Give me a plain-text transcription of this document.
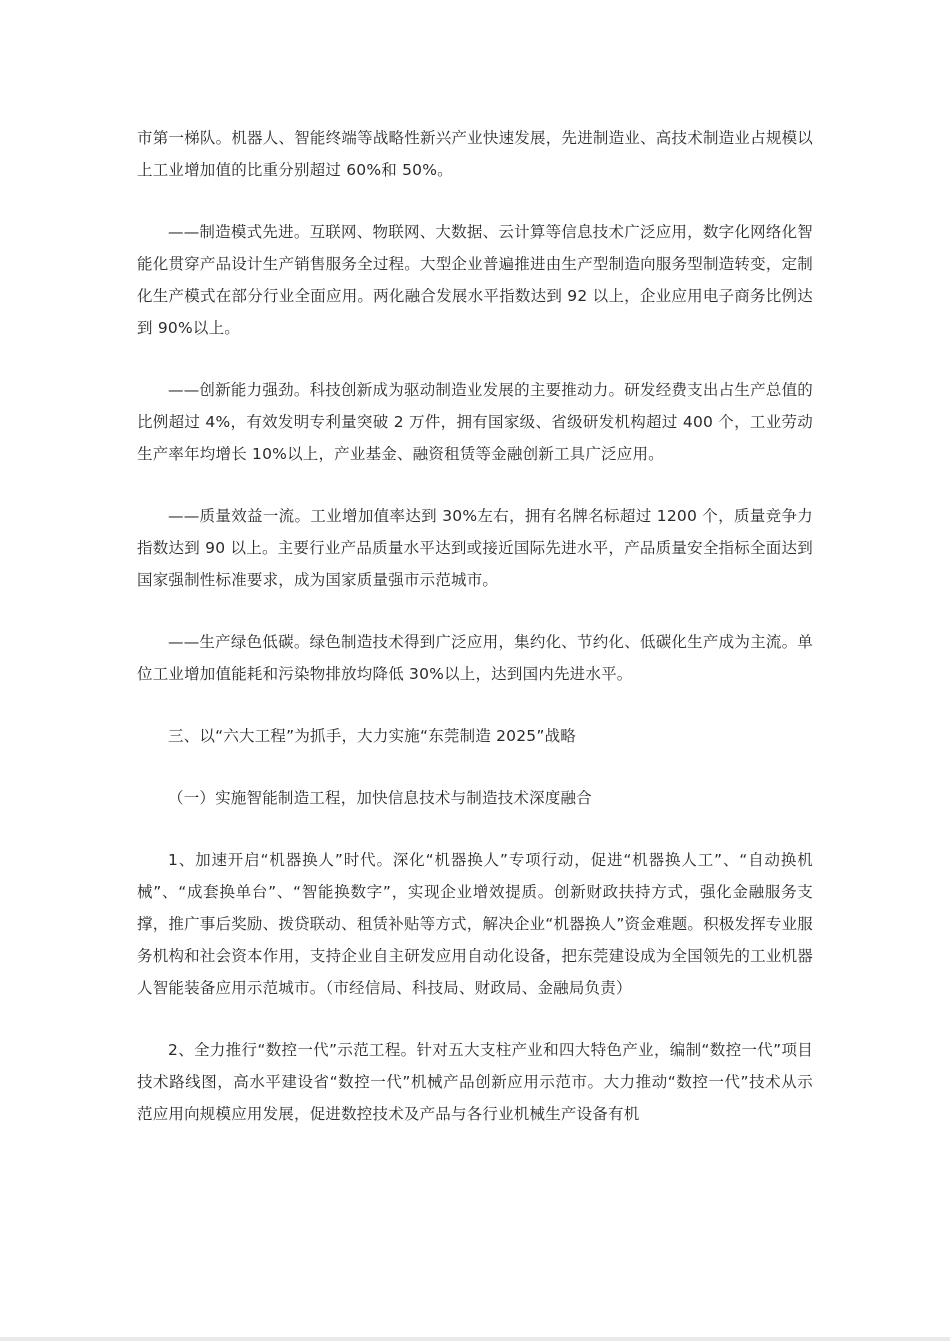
市第一梯队。机器人、智能终端等战略性新兴产业快速发展，先进制造业、高技术制造业占规模以上工业增加值的比重分别超过 60%和 50%。

——制造模式先进。互联网、物联网、大数据、云计算等信息技术广泛应用，数字化网络化智能化贯穿产品设计生产销售服务全过程。大型企业普遍推进由生产型制造向服务型制造转变，定制化生产模式在部分行业全面应用。两化融合发展水平指数达到 92 以上，企业应用电子商务比例达到 90%以上。

——创新能力强劲。科技创新成为驱动制造业发展的主要推动力。研发经费支出占生产总值的比例超过 4%，有效发明专利量突破 2 万件，拥有国家级、省级研发机构超过 400 个，工业劳动生产率年均增长 10%以上，产业基金、融资租赁等金融创新工具广泛应用。

——质量效益一流。工业增加值率达到 30%左右，拥有名牌名标超过 1200 个，质量竞争力指数达到 90 以上。主要行业产品质量水平达到或接近国际先进水平，产品质量安全指标全面达到国家强制性标准要求，成为国家质量强市示范城市。

——生产绿色低碳。绿色制造技术得到广泛应用，集约化、节约化、低碳化生产成为主流。单位工业增加值能耗和污染物排放均降低 30%以上，达到国内先进水平。

三、以“六大工程”为抓手，大力实施“东莞制造 2025”战略

（一）实施智能制造工程，加快信息技术与制造技术深度融合

1、加速开启“机器换人”时代。深化“机器换人”专项行动，促进“机器换人工”、“自动换机械”、“成套换单台”、“智能换数字”，实现企业增效提质。创新财政扶持方式，强化金融服务支撑，推广事后奖励、拨贷联动、租赁补贴等方式，解决企业“机器换人”资金难题。积极发挥专业服务机构和社会资本作用，支持企业自主研发应用自动化设备，把东莞建设成为全国领先的工业机器人智能装备应用示范城市。（市经信局、科技局、财政局、金融局负责）

2、全力推行“数控一代”示范工程。针对五大支柱产业和四大特色产业，编制“数控一代”项目技术路线图，高水平建设省“数控一代”机械产品创新应用示范市。大力推动“数控一代”技术从示范应用向规模应用发展，促进数控技术及产品与各行业机械生产设备有机
